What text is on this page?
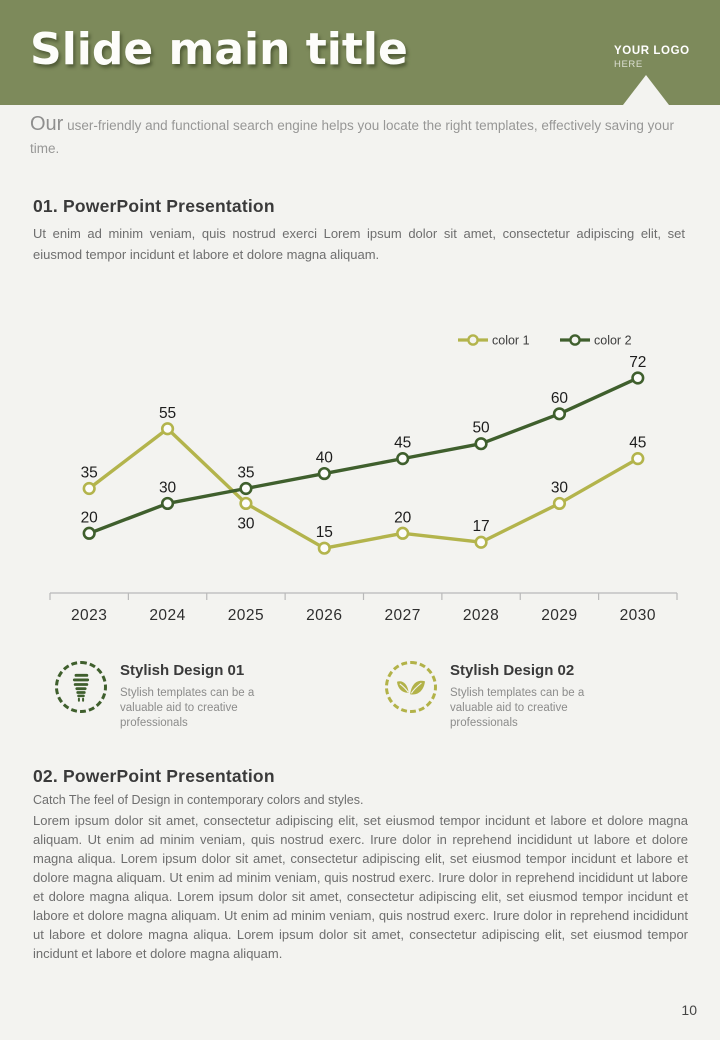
Slide main title	YOUR LOGO
HERE

Our user-friendly and functional search engine helps you locate the right templates, effectively saving your time.

01. PowerPoint Presentation

Ut enim ad minim veniam, quis nostrud exerci Lorem ipsum dolor sit amet, consectetur adipiscing elit, set eiusmod tempor incidunt et labore et dolore magna aliquam.

2023	2024	2025	2026	2027	2028	2029	2030
35
55
30
15
20
17
30
45
20
30
35
40
45
50
60
72
color 1	color 2
Stylish Design 01
Stylish templates can be a valuable aid to creative professionals
Stylish Design 02
Stylish templates can be a valuable aid to creative professionals
02. PowerPoint Presentation

Catch The feel of Design in contemporary colors and styles.

Lorem ipsum dolor sit amet, consectetur adipiscing elit, set eiusmod tempor incidunt et labore et dolore magna aliquam. Ut enim ad minim veniam, quis nostrud exerc. Irure dolor in reprehend incididunt ut labore et dolore magna aliqua. Lorem ipsum dolor sit amet, consectetur adipiscing elit, set eiusmod tempor incidunt et labore et dolore magna aliquam. Ut enim ad minim veniam, quis nostrud exerc. Irure dolor in reprehend incididunt ut labore et dolore magna aliqua. Lorem ipsum dolor sit amet, consectetur adipiscing elit, set eiusmod tempor incidunt et labore et dolore magna aliquam. Ut enim ad minim veniam, quis nostrud exerc. Irure dolor in reprehend incididunt ut labore et dolore magna aliqua. Lorem ipsum dolor sit amet, consectetur adipiscing elit, set eiusmod tempor incidunt et labore et dolore magna aliquam.

10
